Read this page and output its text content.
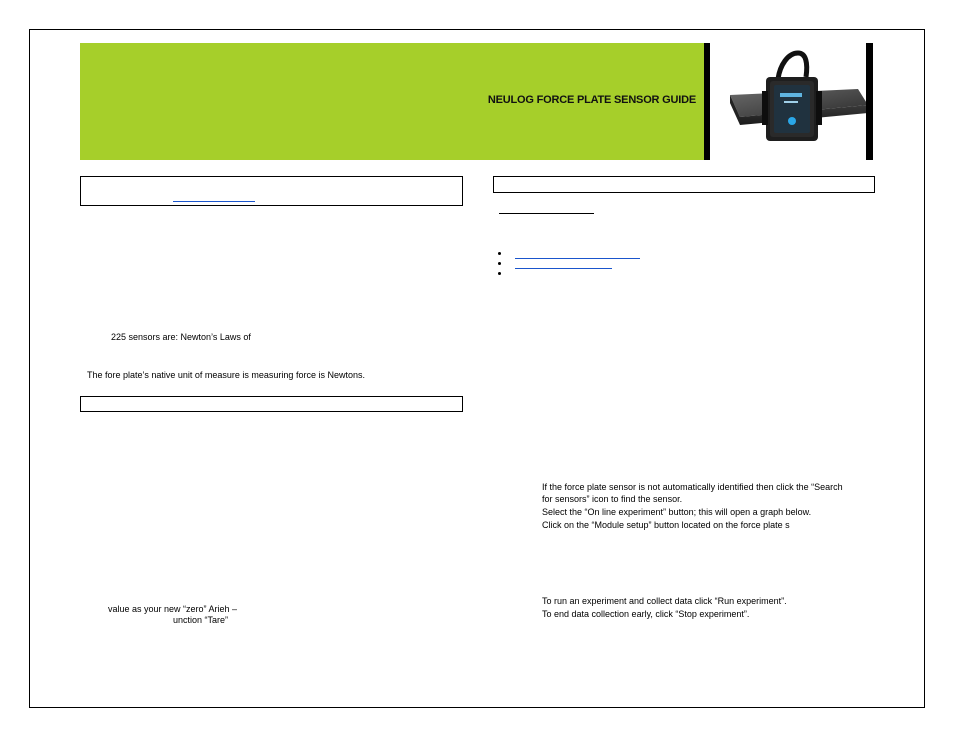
NEULOG FORCE PLATE SENSOR GUIDE
225 sensors are: Newton’s Laws of
The fore plate’s native unit of measure is measuring force is Newtons.
value as your new “zero” Arieh –
unction “Tare”
If the force plate sensor is not automatically identified then click the “Search
for sensors” icon to find the sensor.
Select the “On line experiment” button; this will open a graph below.
Click on the “Module setup” button located on the force plate s
To run an experiment and collect data click “Run experiment”.
To end data collection early, click “Stop experiment”.
